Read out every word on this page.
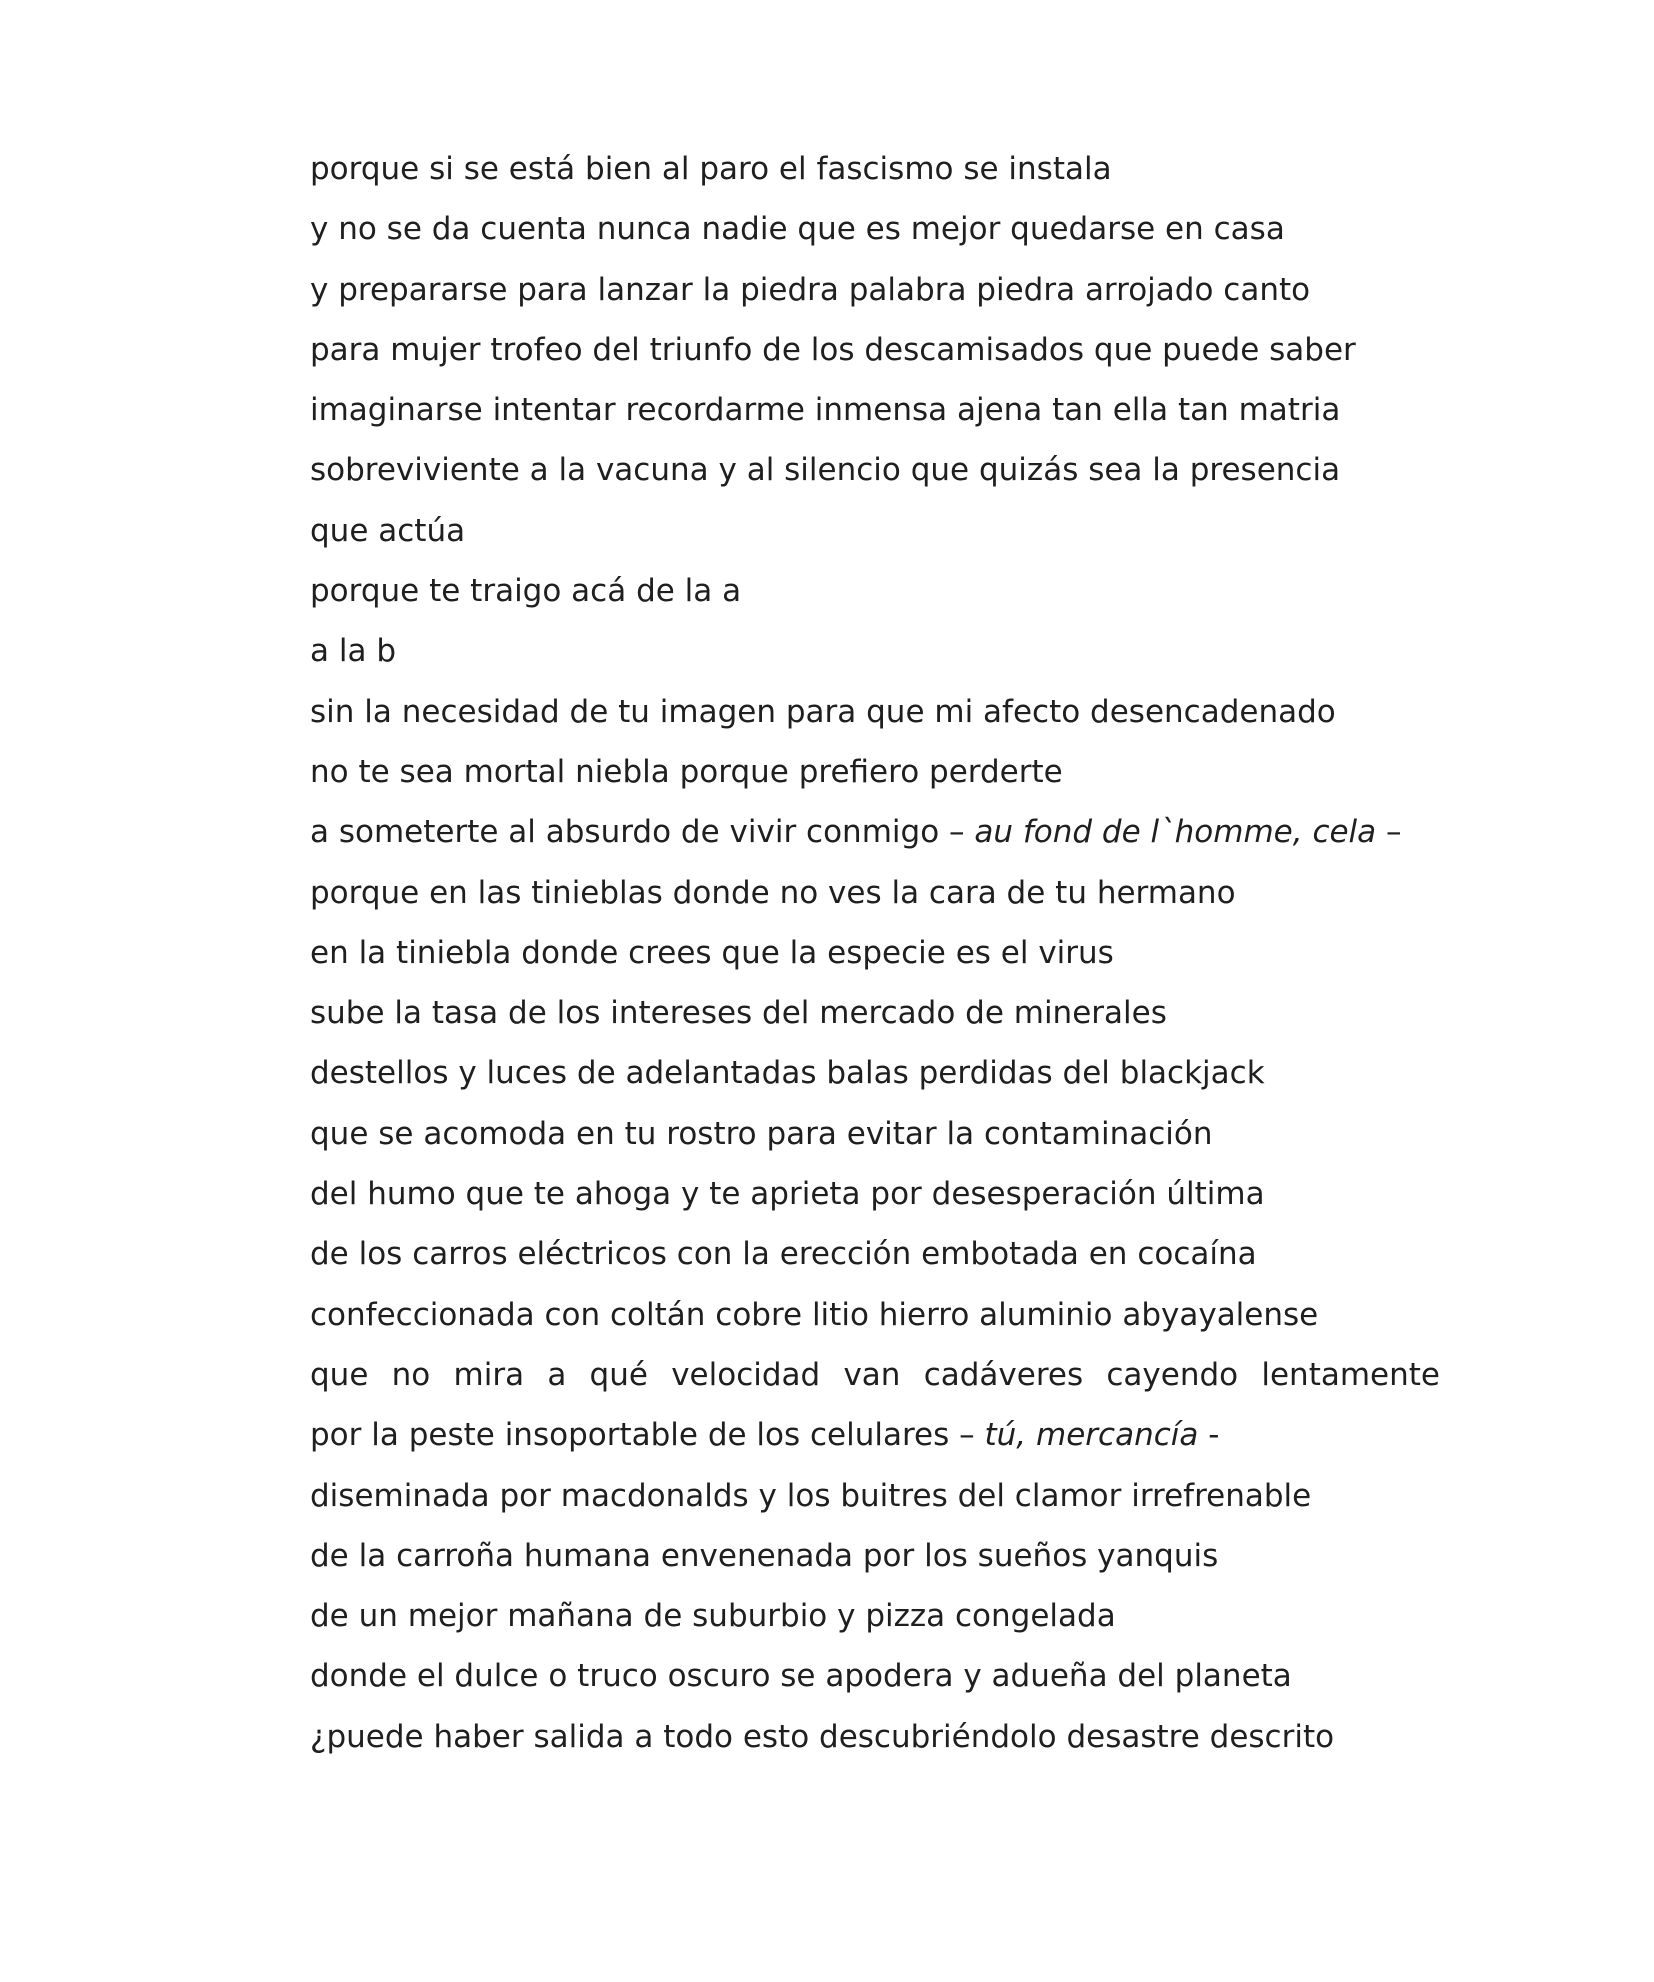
porque si se está bien al paro el fascismo se instala
y no se da cuenta nunca nadie que es mejor quedarse en casa
y prepararse para lanzar la piedra palabra piedra arrojado canto
para mujer trofeo del triunfo de los descamisados que puede saber
imaginarse intentar recordarme inmensa ajena tan ella tan matria
sobreviviente a la vacuna y al silencio que quizás sea la presencia
que actúa
porque te traigo acá de la a
a la b
sin la necesidad de tu imagen para que mi afecto desencadenado
no te sea mortal niebla porque prefiero perderte
a someterte al absurdo de vivir conmigo – au fond de l`homme, cela –
porque en las tinieblas donde no ves la cara de tu hermano
en la tiniebla donde crees que la especie es el virus
sube la tasa de los intereses del mercado de minerales
destellos y luces de adelantadas balas perdidas del blackjack
que se acomoda en tu rostro para evitar la contaminación
del humo que te ahoga y te aprieta por desesperación última
de los carros eléctricos con la erección embotada en cocaína
confeccionada con coltán cobre litio hierro aluminio abyayalense
que no mira a qué velocidad van cadáveres cayendo lentamente
por la peste insoportable de los celulares – tú, mercancía -
diseminada por macdonalds y los buitres del clamor irrefrenable
de la carroña humana envenenada por los sueños yanquis
de un mejor mañana de suburbio y pizza congelada
donde el dulce o truco oscuro se apodera y adueña del planeta
¿puede haber salida a todo esto descubriéndolo desastre descrito
